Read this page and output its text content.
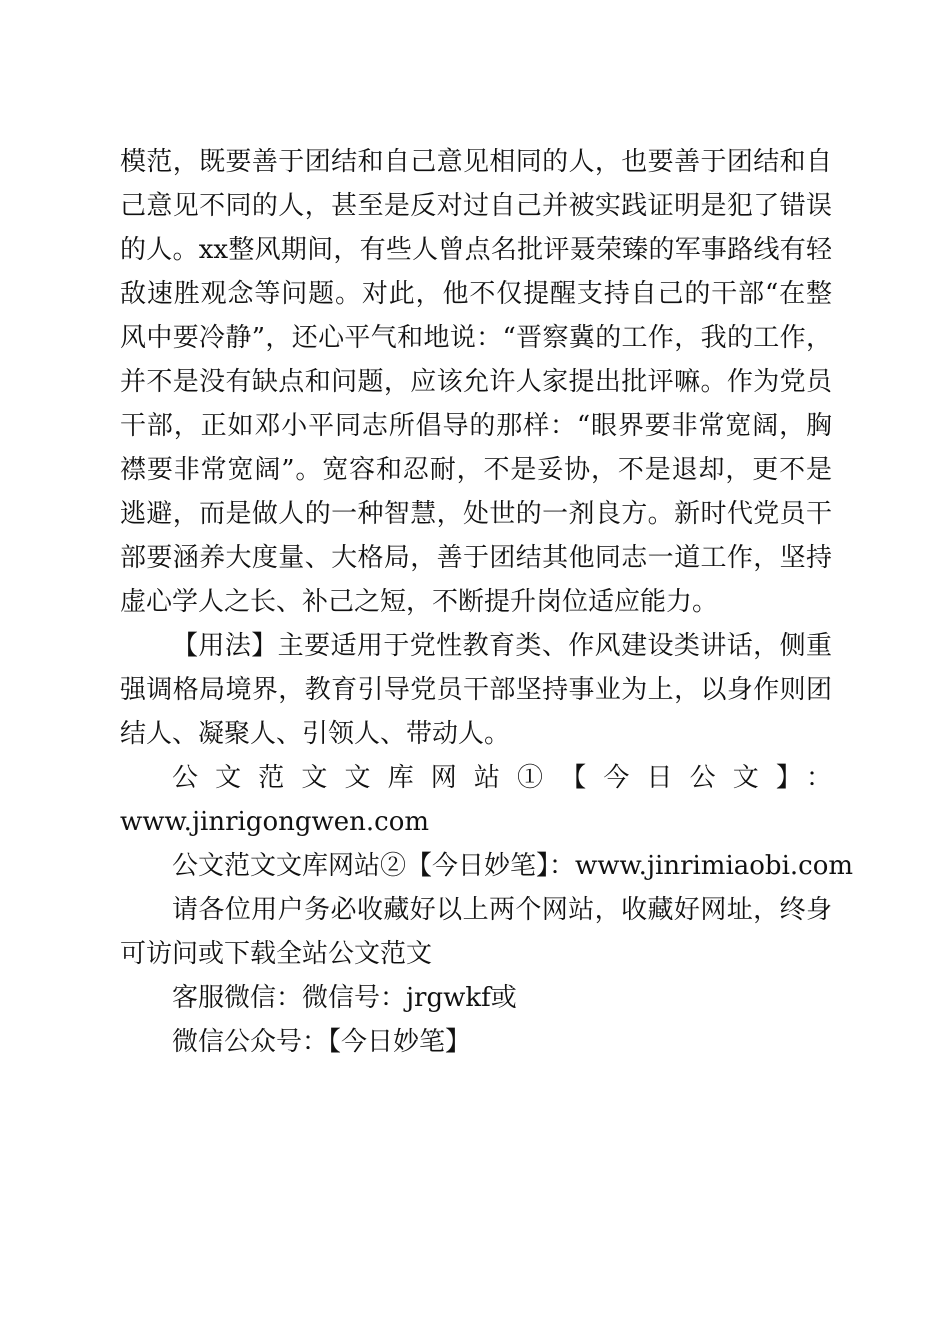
模范，既要善于团结和自己意见相同的人，也要善于团结和自
己意见不同的人，甚至是反对过自己并被实践证明是犯了错误
的人。xx整风期间，有些人曾点名批评聂荣臻的军事路线有轻
敌速胜观念等问题。对此，他不仅提醒支持自己的干部“在整
风中要冷静”，还心平气和地说：“晋察冀的工作，我的工作，
并不是没有缺点和问题，应该允许人家提出批评嘛。作为党员
干部，正如邓小平同志所倡导的那样：“眼界要非常宽阔，胸
襟要非常宽阔”。宽容和忍耐，不是妥协，不是退却，更不是
逃避，而是做人的一种智慧，处世的一剂良方。新时代党员干
部要涵养大度量、大格局，善于团结其他同志一道工作，坚持
虚心学人之长、补己之短，不断提升岗位适应能力。
【用法】主要适用于党性教育类、作风建设类讲话，侧重
强调格局境界，教育引导党员干部坚持事业为上，以身作则团
结人、凝聚人、引领人、带动人。
公文范文文库网站①【今日公文】：
www.jinrigongwen.com
公文范文文库网站②【今日妙笔】：www.jinrimiaobi.com
请各位用户务必收藏好以上两个网站，收藏好网址，终身
可访问或下载全站公文范文
客服微信：微信号：jrgwkf或
微信公众号：【今日妙笔】
